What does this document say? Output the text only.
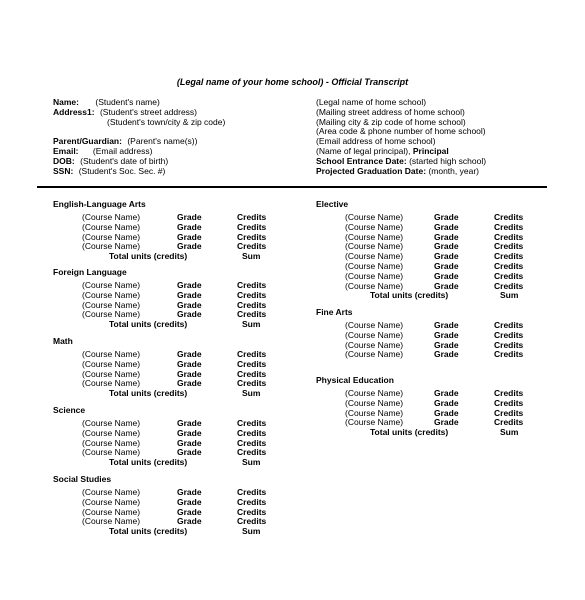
(Legal name of your home school) - Official Transcript
Name: (Student's name)
Address1: (Student's street address)
(Student's town/city & zip code)
Parent/Guardian: (Parent's name(s))
Email: (Email address)
DOB: (Student's date of birth)
SSN: (Student's Soc. Sec. #)
(Legal name of home school)
(Mailing street address of home school)
(Mailing city & zip code of home school)
(Area code & phone number of home school)
(Email address of home school)
(Name of legal principal), Principal
School Entrance Date: (started high school)
Projected Graduation Date: (month, year)
English-Language Arts
(Course Name)	Grade	Credits
(Course Name)	Grade	Credits
(Course Name)	Grade	Credits
(Course Name)	Grade	Credits
Total units (credits)	Sum
Foreign Language
(Course Name)	Grade	Credits
(Course Name)	Grade	Credits
(Course Name)	Grade	Credits
(Course Name)	Grade	Credits
Total units (credits)	Sum
Math
(Course Name)	Grade	Credits
(Course Name)	Grade	Credits
(Course Name)	Grade	Credits
(Course Name)	Grade	Credits
Total units (credits)	Sum
Science
(Course Name)	Grade	Credits
(Course Name)	Grade	Credits
(Course Name)	Grade	Credits
(Course Name)	Grade	Credits
Total units (credits)	Sum
Social Studies
(Course Name)	Grade	Credits
(Course Name)	Grade	Credits
(Course Name)	Grade	Credits
(Course Name)	Grade	Credits
Total units (credits)	Sum
Elective
(Course Name)	Grade	Credits
(Course Name)	Grade	Credits
(Course Name)	Grade	Credits
(Course Name)	Grade	Credits
(Course Name)	Grade	Credits
(Course Name)	Grade	Credits
(Course Name)	Grade	Credits
(Course Name)	Grade	Credits
Total units (credits)	Sum
Fine Arts
(Course Name)	Grade	Credits
(Course Name)	Grade	Credits
(Course Name)	Grade	Credits
(Course Name)	Grade	Credits
Physical Education
(Course Name)	Grade	Credits
(Course Name)	Grade	Credits
(Course Name)	Grade	Credits
(Course Name)	Grade	Credits
Total units (credits)	Sum
